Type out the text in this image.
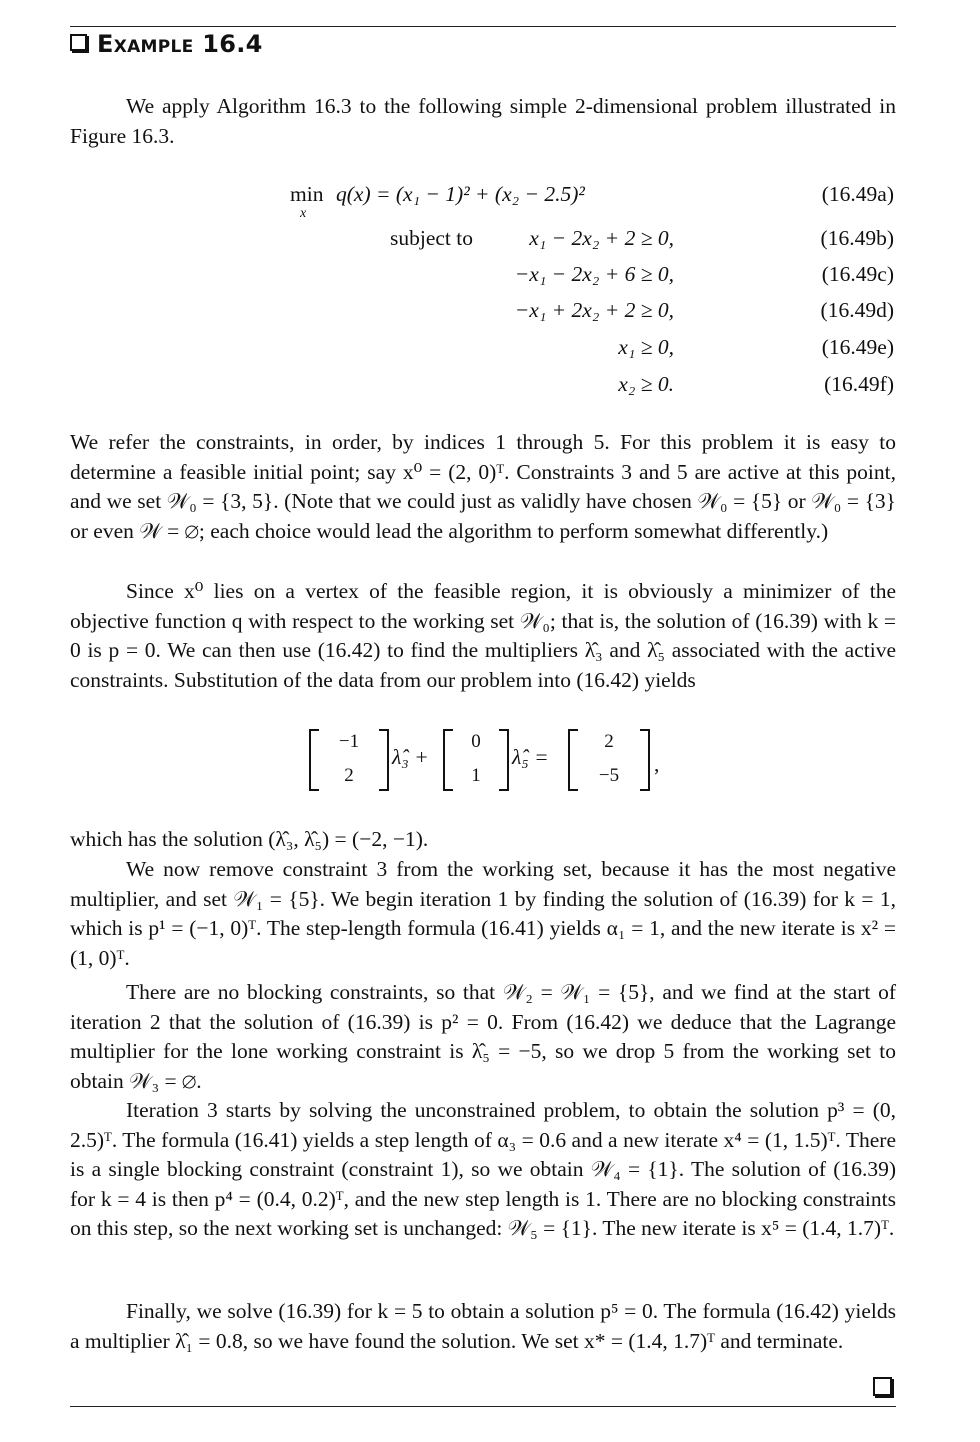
Example 16.4

We apply Algorithm 16.3 to the following simple 2-dimensional problem illustrated in Figure 16.3.

min
x
q(x) = (x₁ − 1)² + (x₂ − 2.5)²
subject to	x₁ − 2x₂ + 2 ≥ 0,
−x₁ − 2x₂ + 6 ≥ 0,
−x₁ + 2x₂ + 2 ≥ 0,
x₁ ≥ 0,
x₂ ≥ 0.
(16.49a)
(16.49b)
(16.49c)
(16.49d)
(16.49e)
(16.49f)

We refer the constraints, in order, by indices 1 through 5. For this problem it is easy to determine a feasible initial point; say x⁰ = (2, 0)ᵀ. Constraints 3 and 5 are active at this point, and we set 𝒲₀ = {3, 5}. (Note that we could just as validly have chosen 𝒲₀ = {5} or 𝒲₀ = {3} or even 𝒲 = ∅; each choice would lead the algorithm to perform somewhat differently.)

Since x⁰ lies on a vertex of the feasible region, it is obviously a minimizer of the objective function q with respect to the working set 𝒲₀; that is, the solution of (16.39) with k = 0 is p = 0. We can then use (16.42) to find the multipliers λ̂₃ and λ̂₅ associated with the active constraints. Substitution of the data from our problem into (16.42) yields

−1
2
λ̂₃ +
0
1
λ̂₅ =
2
−5	,

which has the solution (λ̂₃, λ̂₅) = (−2, −1).

We now remove constraint 3 from the working set, because it has the most negative multiplier, and set 𝒲₁ = {5}. We begin iteration 1 by finding the solution of (16.39) for k = 1, which is p¹ = (−1, 0)ᵀ. The step-length formula (16.41) yields α₁ = 1, and the new iterate is x² = (1, 0)ᵀ.

There are no blocking constraints, so that 𝒲₂ = 𝒲₁ = {5}, and we find at the start of iteration 2 that the solution of (16.39) is p² = 0. From (16.42) we deduce that the Lagrange multiplier for the lone working constraint is λ̂₅ = −5, so we drop 5 from the working set to obtain 𝒲₃ = ∅.

Iteration 3 starts by solving the unconstrained problem, to obtain the solution p³ = (0, 2.5)ᵀ. The formula (16.41) yields a step length of α₃ = 0.6 and a new iterate x⁴ = (1, 1.5)ᵀ. There is a single blocking constraint (constraint 1), so we obtain 𝒲₄ = {1}. The solution of (16.39) for k = 4 is then p⁴ = (0.4, 0.2)ᵀ, and the new step length is 1. There are no blocking constraints on this step, so the next working set is unchanged: 𝒲₅ = {1}. The new iterate is x⁵ = (1.4, 1.7)ᵀ.

Finally, we solve (16.39) for k = 5 to obtain a solution p⁵ = 0. The formula (16.42) yields a multiplier λ̂₁ = 0.8, so we have found the solution. We set x* = (1.4, 1.7)ᵀ and terminate.
